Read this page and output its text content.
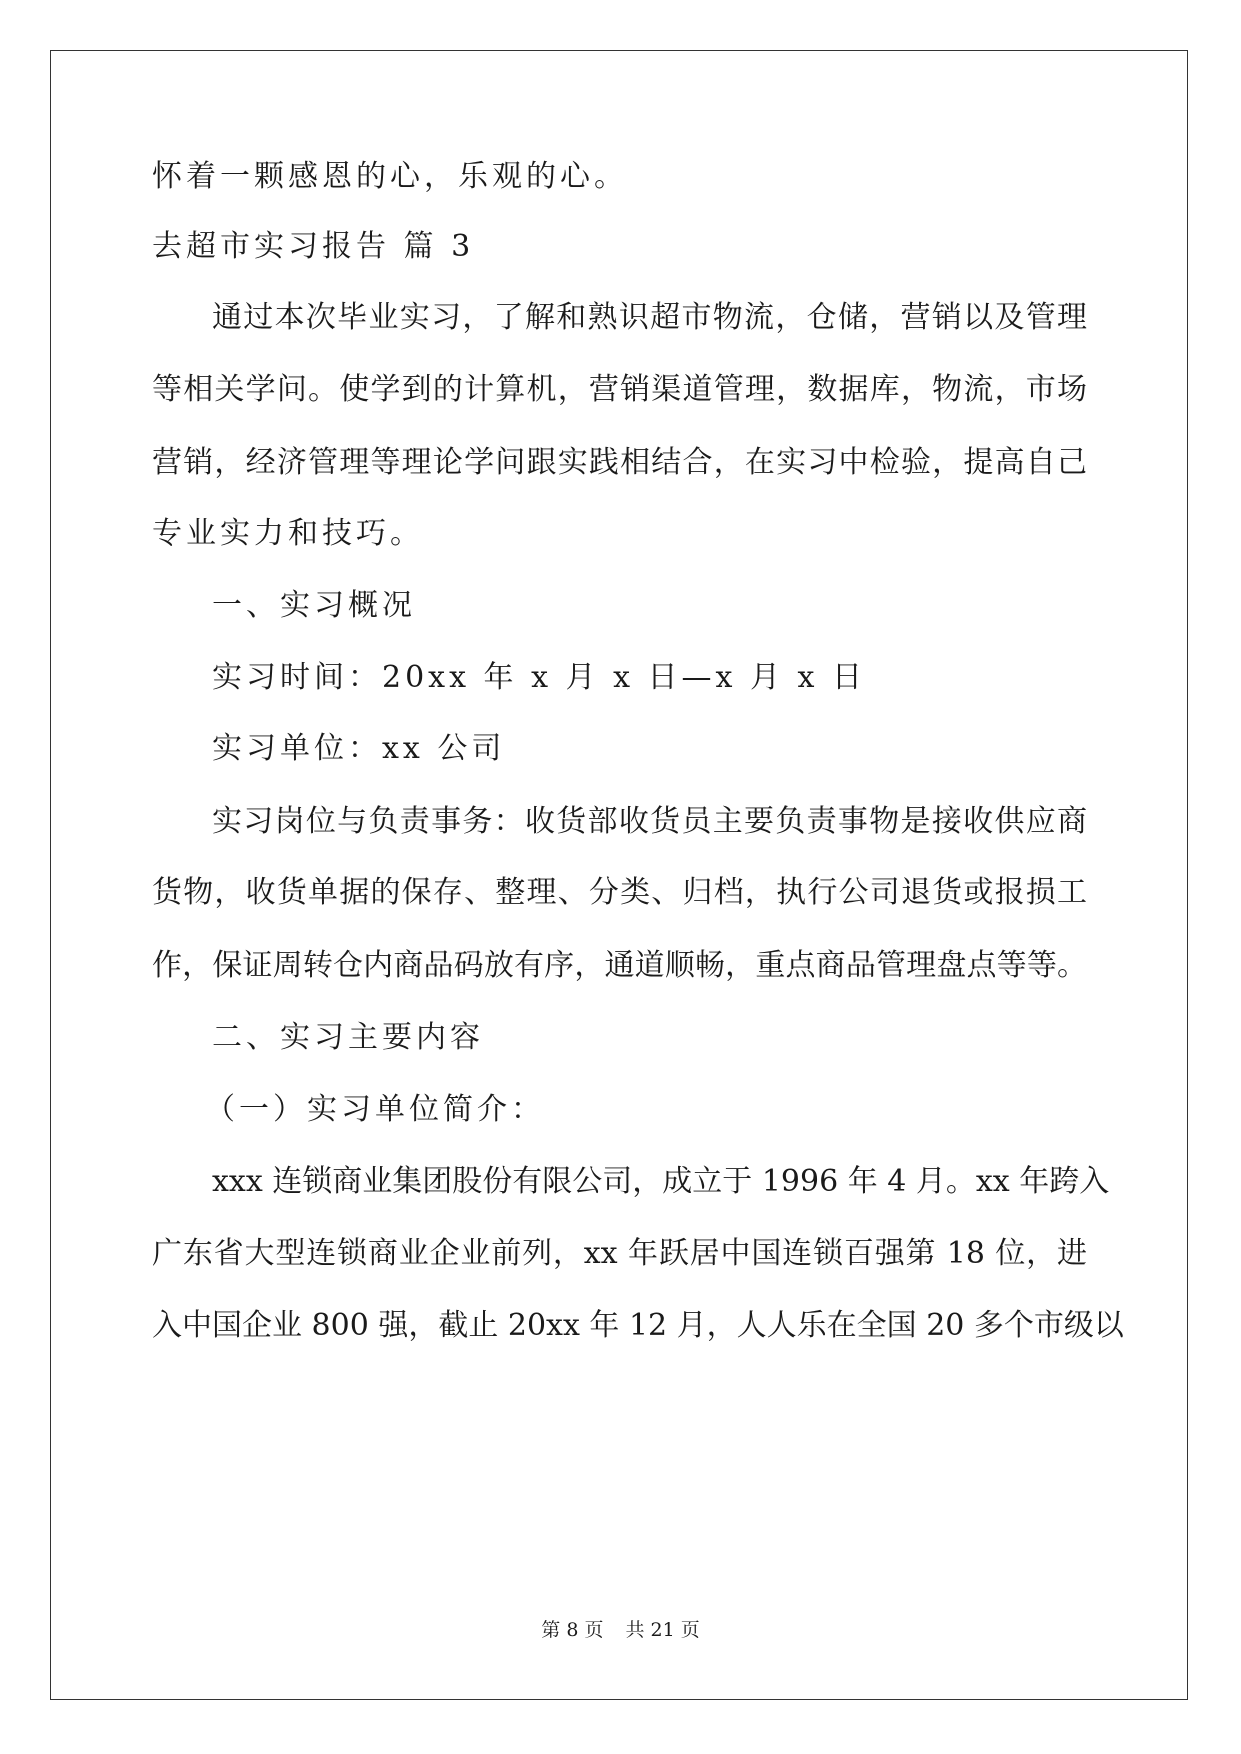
怀着一颗感恩的心，乐观的心。
去超市实习报告 篇 3
通过本次毕业实习，了解和熟识超市物流，仓储，营销以及管理
等相关学问。使学到的计算机，营销渠道管理，数据库，物流，市场
营销，经济管理等理论学问跟实践相结合，在实习中检验，提高自己
专业实力和技巧。
一、实习概况
实习时间：20xx 年 x 月 x 日—x 月 x 日
实习单位：xx 公司
实习岗位与负责事务：收货部收货员主要负责事物是接收供应商
货物，收货单据的保存、整理、分类、归档，执行公司退货或报损工
作，保证周转仓内商品码放有序，通道顺畅，重点商品管理盘点等等。
二、实习主要内容
（一）实习单位简介：
xxx 连锁商业集团股份有限公司，成立于 1996 年 4 月。xx 年跨入
广东省大型连锁商业企业前列，xx 年跃居中国连锁百强第 18 位，进
入中国企业 800 强，截止 20xx 年 12 月，人人乐在全国 20 多个市级以
第 8 页 共 21 页
